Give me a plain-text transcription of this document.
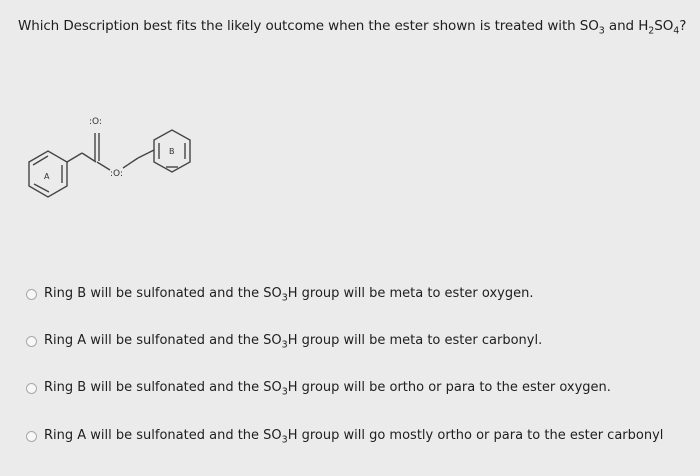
Which Description best fits the likely outcome when the ester shown is treated with $SO_3$ and $H_2SO_4$?
A
B
:O:
:O:
Ring B will be sulfonated and the $SO_3H$ group will be meta to ester oxygen.
Ring A will be sulfonated and the $SO_3H$ group will be meta to ester carbonyl.
Ring B will be sulfonated and the $SO_3H$ group will be ortho or para to the ester oxygen.
Ring A will be sulfonated and the $SO_3H$ group will go mostly ortho or para to the ester carbonyl
